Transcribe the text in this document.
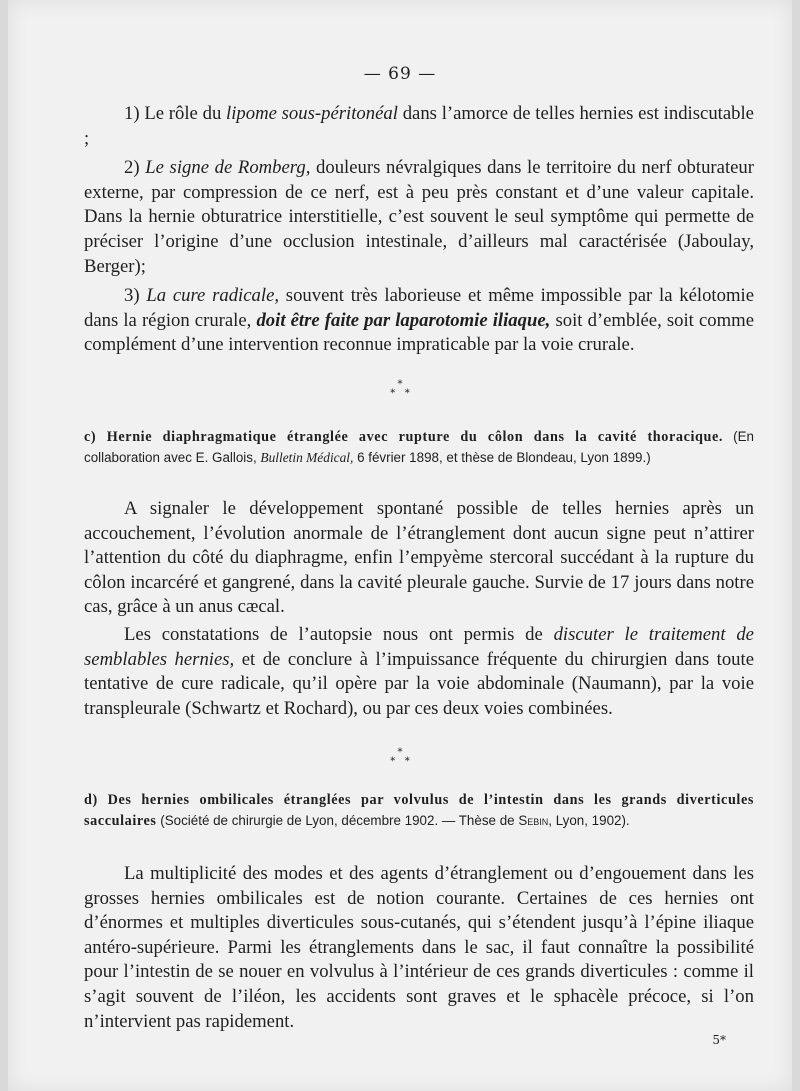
— 69 —

1) Le rôle du lipome sous-péritonéal dans l’amorce de telles hernies est indiscutable ;

2) Le signe de Romberg, douleurs névralgiques dans le territoire du nerf obturateur externe, par compression de ce nerf, est à peu près constant et d’une valeur capitale. Dans la hernie obturatrice interstitielle, c’est souvent le seul symptôme qui permette de préciser l’origine d’une occlusion intestinale, d’ailleurs mal caractérisée (Jaboulay, Berger);

3) La cure radicale, souvent très laborieuse et même impossible par la kélotomie dans la région crurale, doit être faite par laparotomie iliaque, soit d’emblée, soit comme complément d’une intervention reconnue impraticable par la voie crurale.

*
* *
c) Hernie diaphragmatique étranglée avec rupture du côlon dans la cavité thoracique. (En collaboration avec E. Gallois, Bulletin Médical, 6 février 1898, et thèse de Blondeau, Lyon 1899.)

A signaler le développement spontané possible de telles hernies après un accouchement, l’évolution anormale de l’étranglement dont aucun signe peut n’attirer l’attention du côté du diaphragme, enfin l’empyème stercoral succédant à la rupture du côlon incarcéré et gangrené, dans la cavité pleurale gauche. Survie de 17 jours dans notre cas, grâce à un anus cæcal.

Les constatations de l’autopsie nous ont permis de discuter le traitement de semblables hernies, et de conclure à l’impuissance fréquente du chirurgien dans toute tentative de cure radicale, qu’il opère par la voie abdominale (Naumann), par la voie transpleurale (Schwartz et Rochard), ou par ces deux voies combinées.

*
* *
d) Des hernies ombilicales étranglées par volvulus de l’intestin dans les grands diverticules sacculaires (Société de chirurgie de Lyon, décembre 1902. — Thèse de Sebin, Lyon, 1902).

La multiplicité des modes et des agents d’étranglement ou d’engouement dans les grosses hernies ombilicales est de notion courante. Certaines de ces hernies ont d’énormes et multiples diverticules sous-cutanés, qui s’étendent jusqu’à l’épine iliaque antéro-supérieure. Parmi les étranglements dans le sac, il faut connaître la possibilité pour l’intestin de se nouer en volvulus à l’intérieur de ces grands diverticules : comme il s’agit souvent de l’iléon, les accidents sont graves et le sphacèle précoce, si l’on n’intervient pas rapidement.

5*
